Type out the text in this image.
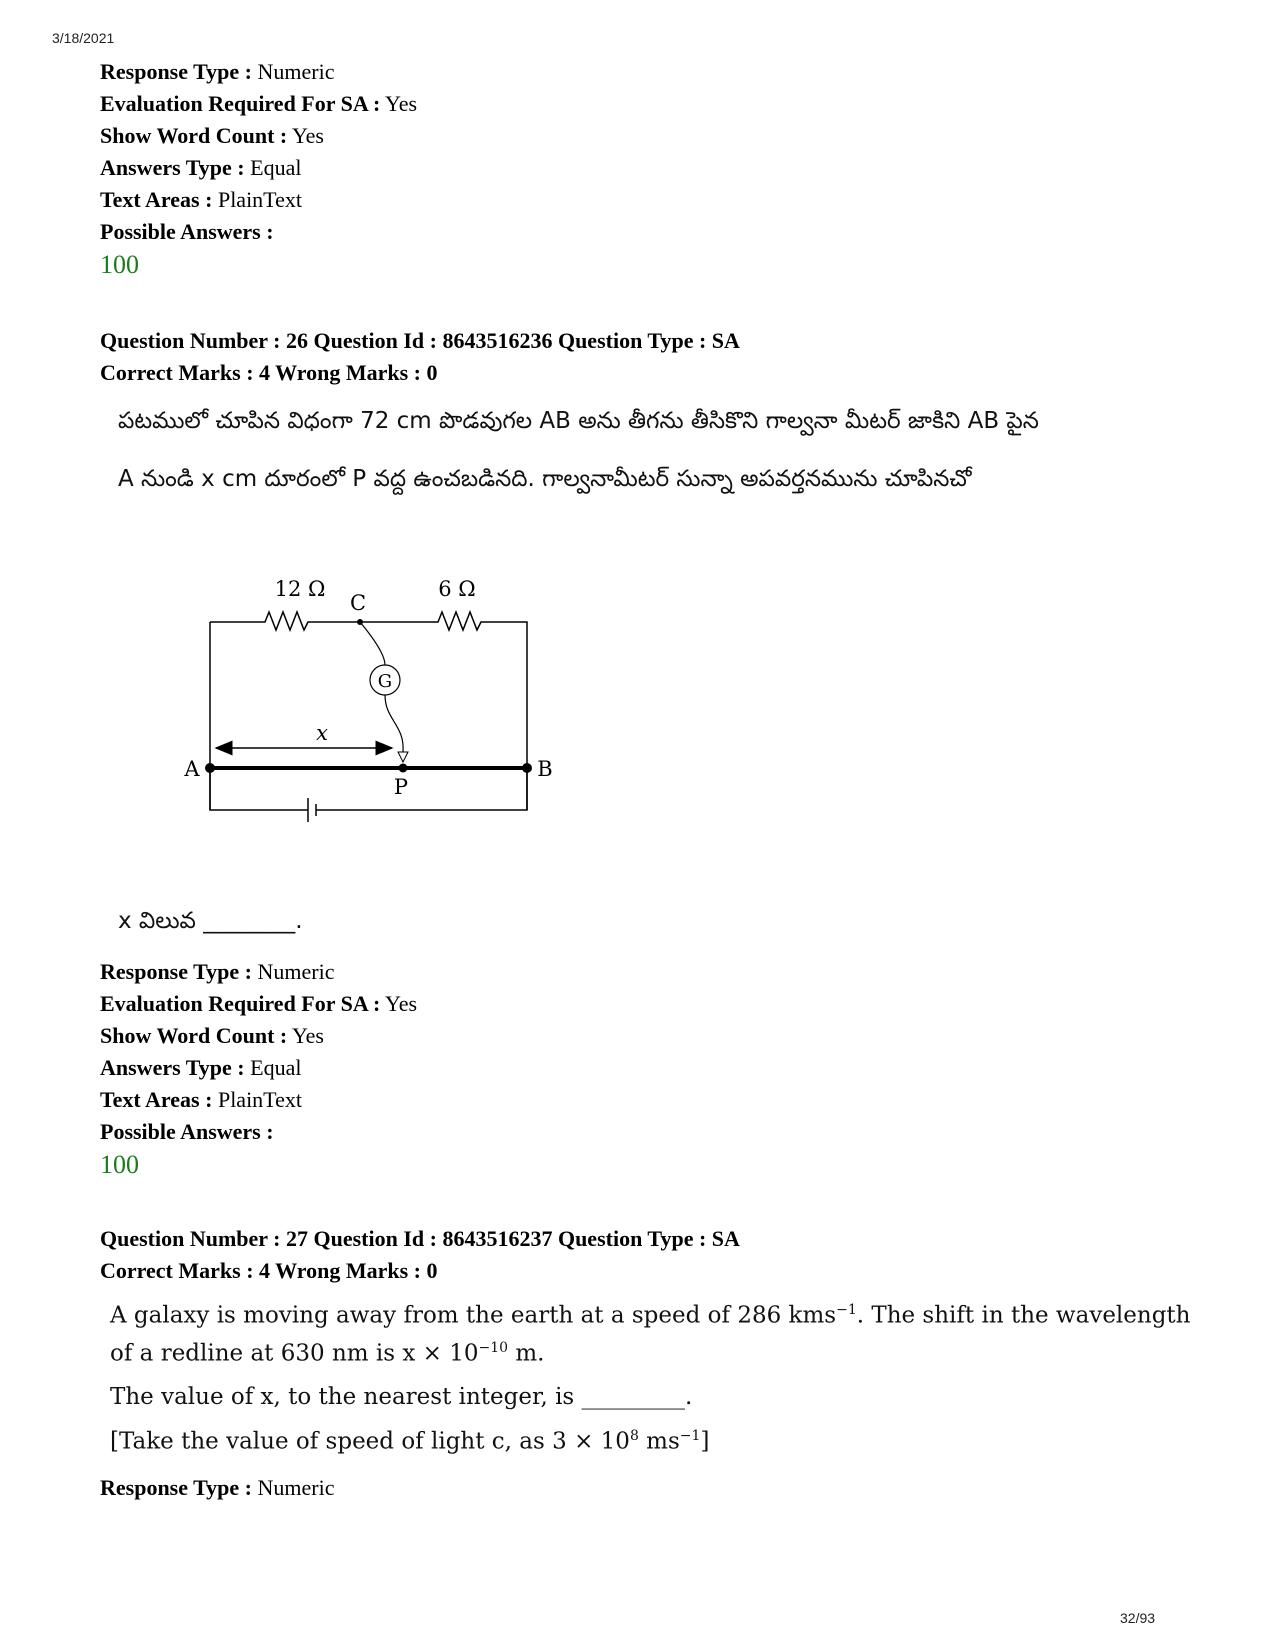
3/18/2021
32/93
Response Type : Numeric
Evaluation Required For SA : Yes
Show Word Count : Yes
Answers Type : Equal
Text Areas : PlainText
Possible Answers :
100
Question Number : 26 Question Id : 8643516236 Question Type : SA
Correct Marks : 4 Wrong Marks : 0
పటములో చూపిన విధంగా 72 cm పొడవుగల AB అను తీగను తీసికొని గాల్వనా మీటర్ జాకిని AB పైన
A నుండి x cm దూరంలో P వద్ద ఉంచబడినది. గాల్వనామీటర్ సున్నా అపవర్తనమును చూపినచో
G
12 Ω	6 Ω
C
x
A	B
P
x విలువ ________.
Response Type : Numeric
Evaluation Required For SA : Yes
Show Word Count : Yes
Answers Type : Equal
Text Areas : PlainText
Possible Answers :
100
Question Number : 27 Question Id : 8643516237 Question Type : SA
Correct Marks : 4 Wrong Marks : 0
A galaxy is moving away from the earth at a speed of 286 kms$^{-1}$. The shift in the wavelength
of a redline at 630 nm is $x \times 10^{-10}$ m.
The value of x, to the nearest integer, is _________.
[Take the value of speed of light c, as $3 \times 10^8$ $ms^{-1}$]
Response Type : Numeric
